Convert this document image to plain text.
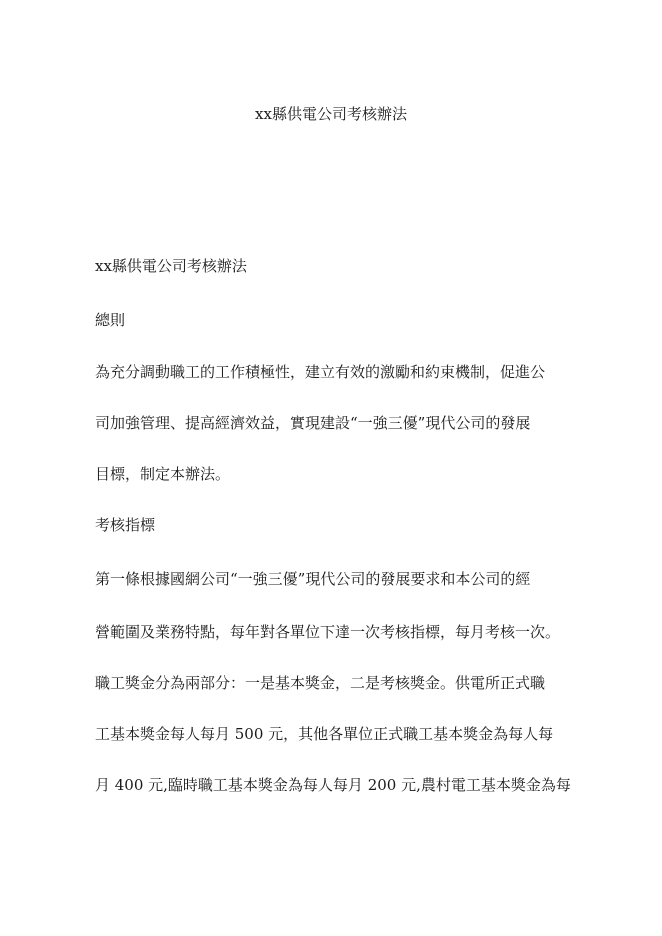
xx縣供電公司考核辦法
xx縣供電公司考核辦法
總則
為充分調動職工的工作積極性，建立有效的激勵和約束機制，促進公
司加強管理、提高經濟效益，實現建設“一強三優”現代公司的發展
目標，制定本辦法。
考核指標
第一條根據國網公司“一強三優”現代公司的發展要求和本公司的經
營範圍及業務特點，每年對各單位下達一次考核指標，每月考核一次。
職工獎金分為兩部分：一是基本獎金，二是考核獎金。供電所正式職
工基本獎金每人每月 500 元，其他各單位正式職工基本獎金為每人每
月 400 元,臨時職工基本獎金為每人每月 200 元,農村電工基本獎金為每
